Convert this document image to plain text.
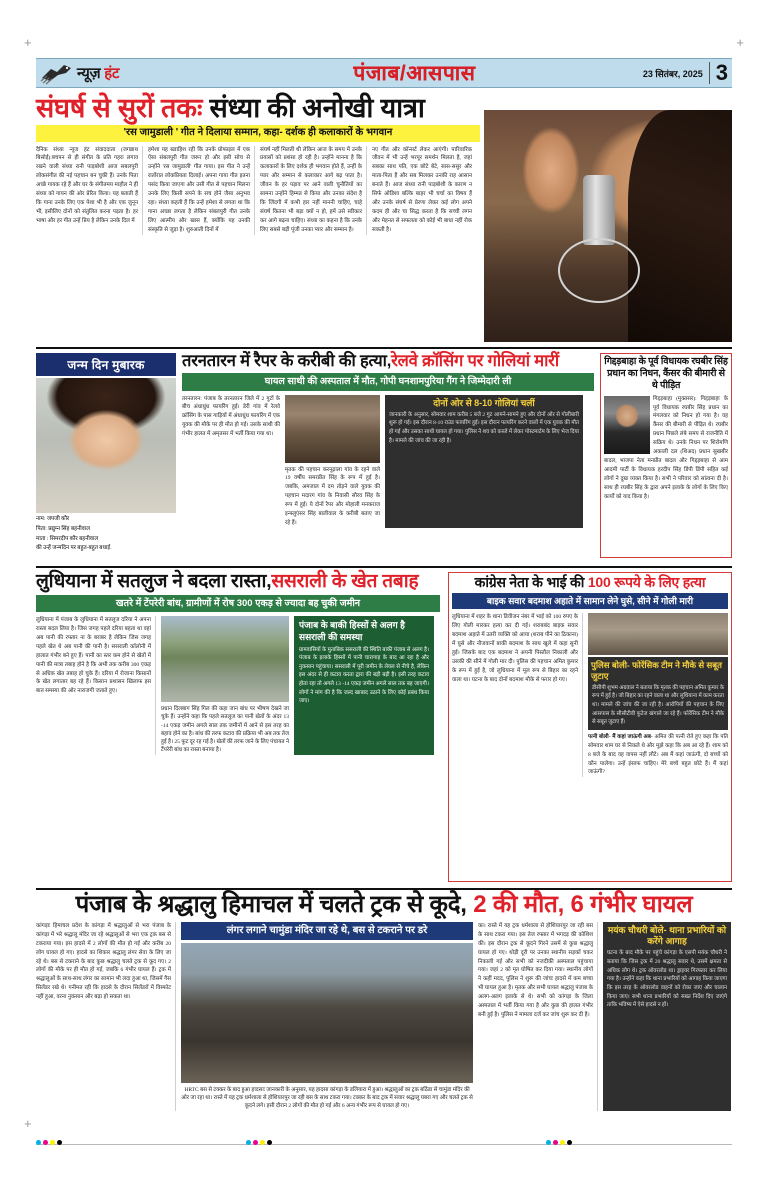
+	+
+
न्यूज़ हंट	पंजाब/आसपास	23 सितंबर, 2025 3
संघर्ष से सुरों तकः संध्या की अनोखी यात्रा
'रस जामुडाली ' गीत ने दिलाया सम्मान, कहा- दर्शक ही कलाकारों के भगवान
दैनिक संध्या न्यूज हंट संवाददाता (जगन्नाथ बिसोई):बचपन से ही संगीत के प्रति गहरा लगाव रखने वाली संध्या रानी पाड़बोशी आज सबलपुरी लोकसंगीत की नई पहचान बन चुकी हैं। उनके पिता अच्छे गायक रहे हैं और घर के संगीतमय माहौल ने ही संध्या को गायन की ओर प्रेरित किया। यह बताती हैं कि गाना उनके लिए एक पेशा भी है और एक जुनून भी, इसीलिए दोनों को संतुलित करना पड़ता है। हर भाषा और हर गीत उन्हें प्रिय है लेकिन उनके दिल में
हमेशा यह ख्वाहिश रही कि उनके प्रोफाइल में एक ऐसा संबलपुरी गीत जरूर हो और इसी सोच से उन्होंने 'रस जामुडाली' गीत गाया। इस गीत ने उन्हें रातोंरात लोकप्रियता दिलाई। अपना गाया गीत इतना पसंद किया जाएगा और उसी गीत से पहचान मिलना उनके लिए किसी सपने के सच होने जैसा अनुभव रहा। संध्या कहती हैं कि उन्हें हमेशा से लगता था कि गाना अच्छा लगता है लेकिन संबलपुरी गीत उनके लिए आत्मीय और खास हैं, क्योंकि यह उनकी संस्कृति से जुड़ा है। शुरुआती दिनों में
संघर्ष नहीं मिलती थी लेकिन आज के समय में उनके प्रयासों को प्रशंसा हो रही है। उन्होंने मानना है कि कलाकारों के लिए दर्शक ही भगवान होते हैं, उन्हीं के प्यार और सम्मान से कलाकार आगे बढ़ पाता है। जीवन के हर पड़ाव पर आने वाली चुनौतियों का सामना उन्होंने हिम्मत से किया और उनका संदेश है कि जिंदगी में कभी हार नहीं माननी चाहिए, चाहे संघर्ष कितना भी बड़ा क्यों न हो, हमें उसे स्वीकार कर आगे बढ़ना चाहिए। संध्या का कहना है कि उनके लिए सबसे बड़ी पूंजी उनका प्यार और सम्मान है।
नए गीत और कॉन्सर्ट लेकर आएंगी। पारिवारिक जीवन में भी उन्हें भरपूर समर्थन मिलता है, जहां सबका साथ पति, एक छोटे बेटे, सास-ससुर और माता-पिता हैं और सब मिलकर उनकी राह आसान बनाते हैं। आज संध्या रानी पाड़बोशी के कारण न सिर्फ ओडिशा बल्कि बाहर भी चर्चा का विषय हैं और उनके संघर्ष से प्रेरणा लेकर कई लोग अपने कदम ही और चा सिद्ध करता है कि सच्ची लगन और मेहनत से सफलता को कोई भी बाधा नहीं रोक सकती है।
जन्म दिन मुबारक
नाम: जपजी कौर
पिता: प्रद्युम्न सिंह बहनीवाल
माता : सिमरदीप कौर बहनीवाल
की उन्हें जन्मदिन पर बहुत-बहुत बधाई.
तरनतारन में रैपर के करीबी की हत्या,रेलवे क्रॉसिंग पर गोलियां मारीं
घायल साथी की अस्पताल में मौत, गोपी घनशामपुरिया गैंग ने जिम्मेदारी ली
तरनतारन: पंजाब के तरनतारन जिले में 2 गुटों के बीच अंधाधुंध फायरिंग हुई। डेरी गांव में रेलवे क्रॉसिंग के पास गाड़ियों में अंधाधुंध फायरिंग में एक युवक की मौके पर ही मौत हो गई। उसके साथी की गंभीर हालत में अमृतसर में भर्ती किया गया था।
मृतक की पहचान करनूढ़ाला गांव के रहने वाले 19 वर्षीय समरप्रीत सिंह के रूप में हुई है। जबकि, अमजाल में दम तोड़ने वाले युवक की पहचान मदारग गांव के निवासी सौरव सिंह के रूप में हुई। ये दोनों रैपर और मोहाली मनकराज इन्फ्लुएंसर सिंह बालीवाल के करीबी बताए जा रहे हैं।
दोनों ओर से 8-10 गोलियां चलीं
जानकारी के अनुसार, सोमवार शाम करीब 5 बजे 2 गुट आमने-सामने हुए और दोनों ओर से गोलीबारी शुरू हो गई। इस दौरान 8-10 राउंड फायरिंग हुई। इस दौरान फायरिंग करने वालों में एक युवक की मौत हो गई और उसका साथी घायल हो गया। पुलिस ने शव को कब्जे में लेकर पोस्टमार्टम के लिए भेज दिया है। मामले की जांच की जा रही है।
गिद्दड़बाहा के पूर्व विधायक रघबीर सिंह प्रधान का निधन, कैंसर की बीमारी से थे पीड़ित
गिद्दड़बाहा (मुक्तसर): गिद्दड़बाहा के पूर्व विधायक रघबीर सिंह प्रधान का मंगलवार को निधन हो गया है। वह कैंसर की बीमारी से पीड़ित थे। रघबीर प्रधान पिछले लंबे समय से राजनीति में सक्रिय थे। उनके निधन पर शिरोमणि अकाली दल (शिअद) प्रधान सुखबीर बादल, भाजपा नेता मनप्रीत बादल और गिद्दड़बाहा से आम आदमी पार्टी के विधायक हरदीप सिंह डिंपी डिंपी सहित कई लोगों ने दुख व्यक्त किया है। सभी ने परिवार को सांत्वना दी है। साथ ही रघबीर सिंह के द्वारा अपने इलाके के लोगों के लिए किए कार्यों को याद किया है।
लुधियाना में सतलुज ने बदला रास्ता,ससराली के खेत तबाह
खतरे में टेंपरेरी बांध, ग्रामीणों में रोष 300 एकड़ से ज्यादा बह चुकी जमीन
लुधियाना में पंजाब के लुधियाना में सतलुज दरिया ने अपना रास्ता बदल लिया है। जिस जगह पहले दरिया बहता था वहां अब पानी की रफ्तार ना के बराबर है लेकिन जिस जगह पहले खेत थे अब पानी की पानी है। ससराली कॉलोनी में हालात गंभीर बने हुए हैं। पानी का स्तर कम होने से खेतों में पानी की मात्रा तबाह होने है कि अभी तक करीब 300 एकड़ से अधिक खेत तबाह हो चुके हैं। दरिया में रोजाना किसानों के खेत लगातार बह रहे हैं। किसान प्रशासन खिलाफ इस बात समस्या की ओर नाराजगी जताते हुए।
प्रधान दिलबाग सिंह गिल की कहा जान बांध पर भीषण देखने जा चुके हैं। उन्होंने कहा कि पहले सतलुज का पानी खेतों के अंदर 13 -14 एकड़ जमीन अगले साल तक जमीनों में आने से इस तरह का बहाव होने का है। बांध की तरफ कटाव की प्रक्रिया भी अब तक तेज हुई है। 25 फुट दूर रह गई है। खेतों की तरफ जाने के लिए पंचायत ने टैंपरेरी बांध का रास्ता बनाया है।
पंजाब के बाकी हिस्सों से अलग है ससराली की समस्या
ग्रामवासियों के मुताबिक ससराली की स्थिति बाकी पंजाब से अलग है। पंजाब के इलाके हिस्सों में पानी चारागाह के बाद आ रहा है और नुकसान पहुंचाया। ससराली में पूरी जमीन के लेवल से नीचे है, लेकिन इस अंदर से ही कटाव करता द्वारा की बड़ी बड़ी है। इसी तरह कटाव होता रहा तो अगले 13 -14 एकड़ जमीन अगले साल तक बह जाएगी। लोगों ने मांग की है कि जल्द खाबाद उठाने के लिए कोई प्रबंध किया जाए।
कांग्रेस नेता के भाई की 100 रूपये के लिए हत्या
बाइक सवार बदमाश अहाते में सामान लेने घुसे, सीने में गोली मारी
लुधियाना में शहर के थाना डिवीजन नंबर में भाई को 100 रुपए के लिए गोली मारकर हत्या कर दी गई। शराबबंद बाइक सवार बदमाश अहाते में उतरी व्यक्ति को आया (शराब पीने का ठिकाना) में घुसे और नौजवानों बाकी बदमाश के साथ खुले में कहा सुनी हुई। जिसके बाद एक बदमाश ने अपनी पिस्तौल निकाली और उसकी की सीने में गोली मार दी। पुलिस की पहचान अमित कुमार के रूप में हुई है, जो लुधियाना में मूल रूप से बिहार का रहने वाला था। घटना के बाद दोनों बदमाश मौके से फरार हो गए।
पुलिस बोली- फोरेंसिक टीम ने मौके से सबूत जुटाए
डीसीपी शुभम अग्रवाल ने बताया कि मृतक की पहचान अमित कुमार के रूप में हुई है। जो बिहार का रहने वाला था और लुधियाना में काम करता था। मामले की जांच की जा रही है। आरोपियों की पहचान के लिए आसपास के सीसीटीवी फुटेज खंगाले जा रहे हैं। फोरेंसिक टीम ने मौके से सबूत जुटाए हैं।
पत्नी बोली- मैं कहां जाऊंगी अब- अमित की पत्नी रोते हुए कहा कि पति सोमवार शाम घर से निकले थे और मुझे कहा कि अब आ रहे हैं। शाम को 8 बजे के बाद वह वापस नहीं लौटे। अब मैं कहां जाऊंगी, दो बच्चों को कौन पालेगा। उन्हें इंसाफ चाहिए। मेरे बच्चे बहुत छोटे हैं। मैं कहां जाऊंगी?
पंजाब के श्रद्धालु हिमाचल में चलते ट्रक से कूदे, 2 की मौत, 6 गंभीर घायल
कांगड़ाः हिमाचल प्रदेश के कांगड़ा में श्रद्धालुओं से भरा पंजाब के कांगड़ा में भरे श्रद्धालु मंदिर जा रहे श्रद्धालुओं से भरा एक ट्रक बस से टकराया गया। इस हादसे में 2 लोगों की मौत हो गई और करीब 20 लोग घायल हो गए। हादसे का शिकार श्रद्धालु लंगर सेवा के लिए जा रहे थे। बस से टकराने के बाद कुछ श्रद्धालु चलते ट्रक से कूद गए। 2 लोगों की मौके पर ही मौत हो गई, जबकि 6 गंभीर घायल हैं। ट्रक में श्रद्धालुओं के साथ-साथ लंगर का सामान भी लदा हुआ था, जिसमें गैस सिलेंडर रखे थे। गनीमत रही कि हादसे के दौरान सिलेंडरों में विस्फोट नहीं हुआ, वरना नुकसान और बढ़ा हो सकता था।
लंगर लगाने चामुंडा मंदिर जा रहे थे, बस से टकराने पर डरे
HRTC बस से टक्कर के बाद हुआ हादसाः जानकारी के अनुसार, यह हादसा कांगड़ा के डलियारा में हुआ। श्रद्धालुओं का ट्रक बठिंडा से चामुंडा मंदिर की ओर जा रहा था। रास्ते में यह ट्रक धर्मशाला से होशियारपुर जा रही बस के साथ टकरा गया। टक्कर के बाद ट्रक में सवार श्रद्धालु घबरा गए और चलते ट्रक से कूदने लगे। इसी दौरान 2 लोगों की मौत हो गई और 6 अन्य गंभीर रूप से घायल हो गए।
का। रास्ते में यह ट्रक धर्मशाला से होशियारपुर जा रही बस के साथ टकरा गया। इस तेज रफ्तार में भगदड़ की कोशिश की। इस दौरान ट्रक से कूदने गिरने उसमें से कुछ श्रद्धालु घायल हो गए। थोड़ी दूरी पर उनका स्थानीय सड़कों चकर निकाली गई और सभी को नजदीकी अस्पताल पहुंचाया गया। जहां 2 को मृत घोषित कर दिया गया। स्थानीय लोगों ने कहीं मदद, पुलिस ने शुरू की जांचः हादसे में कम बच्चा भी घायल हुआ है। मृतक और सभी घायल श्रद्धालु पंजाब के अलग-अलग इलाके से थे। सभी को कांगड़ा के जिला अस्पताल में भर्ती किया गया है और कुछ की हालत गंभीर बनी हुई है। पुलिस ने मामला दर्ज कर जांच शुरू कर दी है।
मयंक चौधरी बोले- थाना प्रभारियों को करेंगे आगाह
घटना के बाद मौके पर पहुंचे कांगड़ा के एसपी मयंक चौधरी ने बताया कि जिस ट्रक में 20 श्रद्धालु सवार थे, उसमें क्षमता से अधिक लोग थे। ट्रक ओवरलोड था। ड्राइवर गिरफ्तार कर लिया गया है। उन्होंने कहा कि थाना प्रभारियों को आगाह किया जाएगा कि इस तरह के ओवरलोड वाहनों को रोका जाए और चालान किया जाए। सभी थाना प्रभारियों को सख्त निर्देश दिए जाएंगे ताकि भविष्य में ऐसे हादसे न हों।
